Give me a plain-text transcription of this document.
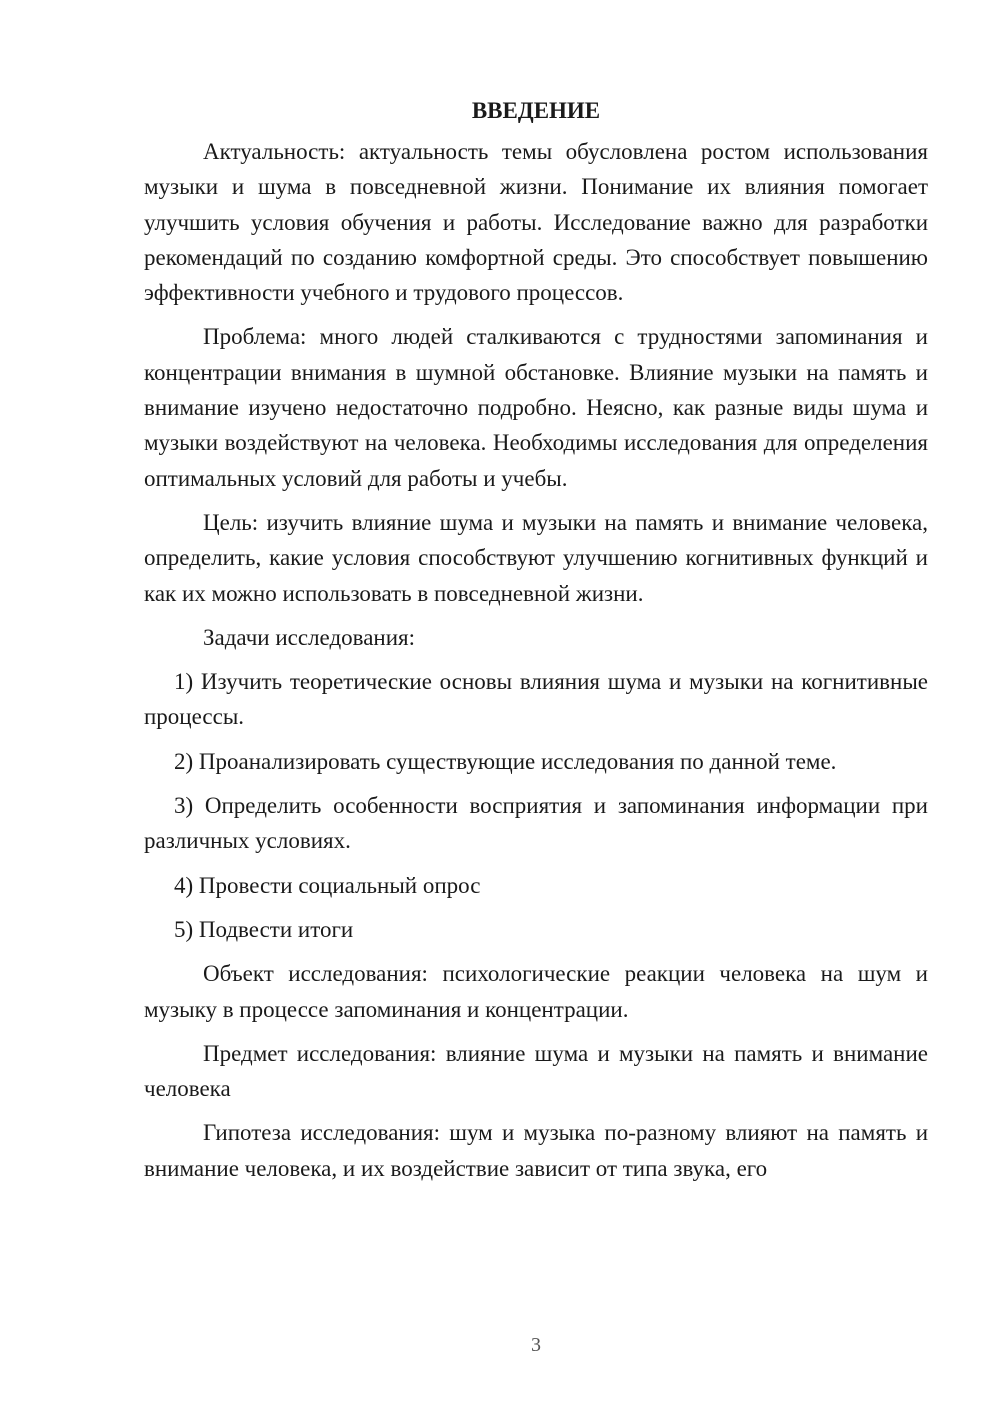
ВВЕДЕНИЕ

Актуальность: актуальность темы обусловлена ростом использования музыки и шума в повседневной жизни. Понимание их влияния помогает улучшить условия обучения и работы. Исследование важно для разработки рекомендаций по созданию комфортной среды. Это способствует повышению эффективности учебного и трудового процессов.

Проблема: много людей сталкиваются с трудностями запоминания и концентрации внимания в шумной обстановке. Влияние музыки на память и внимание изучено недостаточно подробно. Неясно, как разные виды шума и музыки воздействуют на человека. Необходимы исследования для определения оптимальных условий для работы и учебы.

Цель: изучить влияние шума и музыки на память и внимание человека, определить, какие условия способствуют улучшению когнитивных функций и как их можно использовать в повседневной жизни.

Задачи исследования:

1) Изучить теоретические основы влияния шума и музыки на когнитивные процессы.

2) Проанализировать существующие исследования по данной теме.

3) Определить особенности восприятия и запоминания информации при различных условиях.

4) Провести социальный опрос

5) Подвести итоги

Объект исследования: психологические реакции человека на шум и музыку в процессе запоминания и концентрации.

Предмет исследования: влияние шума и музыки на память и внимание человека

Гипотеза исследования: шум и музыка по-разному влияют на память и внимание человека, и их воздействие зависит от типа звука, его

3
